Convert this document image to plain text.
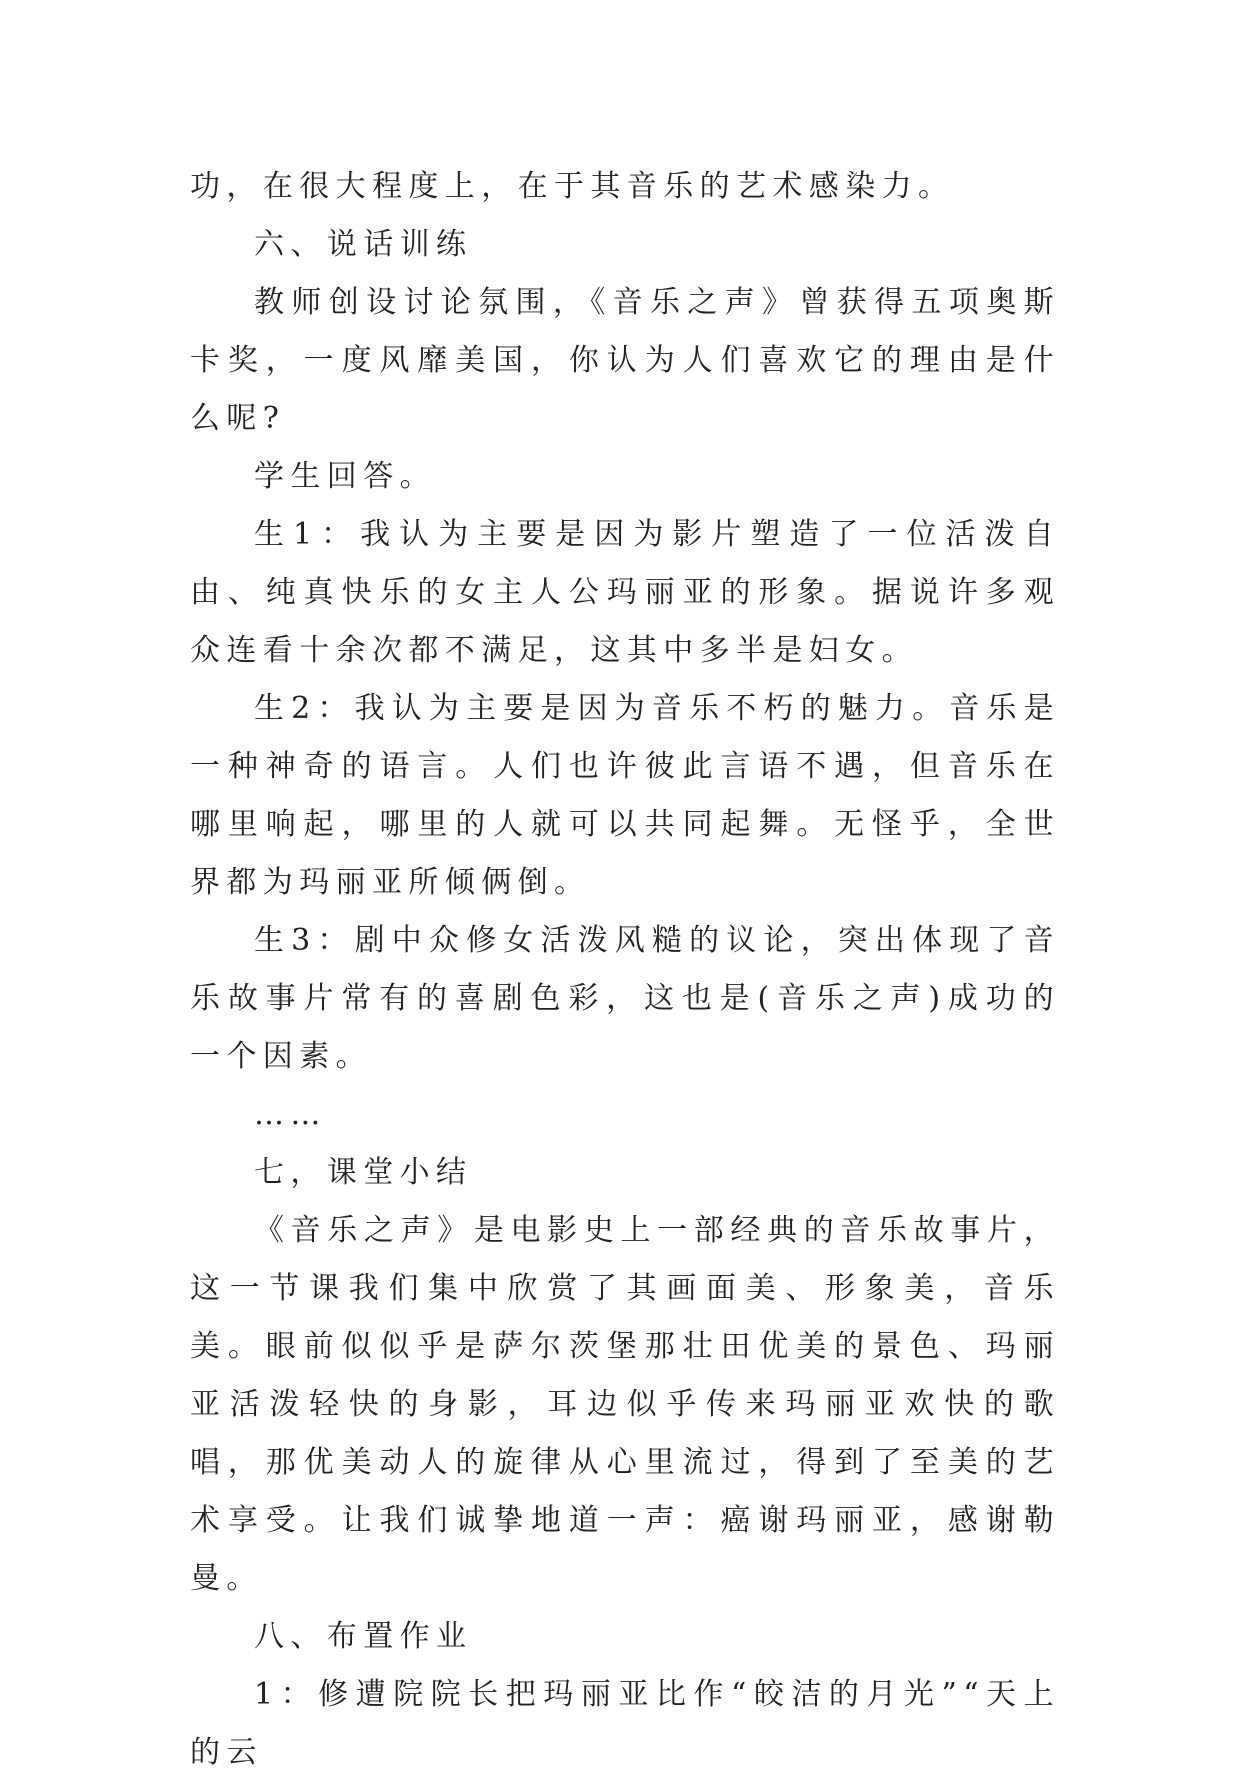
功，在很大程度上，在于其音乐的艺术感染力。

六、说话训练

教师创设讨论氛围，《音乐之声》曾获得五项奥斯卡奖，一度风靡美国，你认为人们喜欢它的理由是什么呢?

学生回答。

生1：我认为主要是因为影片塑造了一位活泼自由、纯真快乐的女主人公玛丽亚的形象。据说许多观众连看十余次都不满足，这其中多半是妇女。

生2：我认为主要是因为音乐不朽的魅力。音乐是一种神奇的语言。人们也许彼此言语不遇，但音乐在哪里响起，哪里的人就可以共同起舞。无怪乎，全世界都为玛丽亚所倾俩倒。

生3：剧中众修女活泼风糙的议论，突出体现了音乐故事片常有的喜剧色彩，这也是(音乐之声)成功的一个因素。

……

七，课堂小结

《音乐之声》是电影史上一部经典的音乐故事片，这一节课我们集中欣赏了其画面美、形象美，音乐美。眼前似似乎是萨尔茨堡那壮田优美的景色、玛丽亚活泼轻快的身影，耳边似乎传来玛丽亚欢快的歌唱，那优美动人的旋律从心里流过，得到了至美的艺术享受。让我们诚挚地道一声：癌谢玛丽亚，感谢勒曼。

八、布置作业

1：修遭院院长把玛丽亚比作“皎洁的月光”“天上的云
